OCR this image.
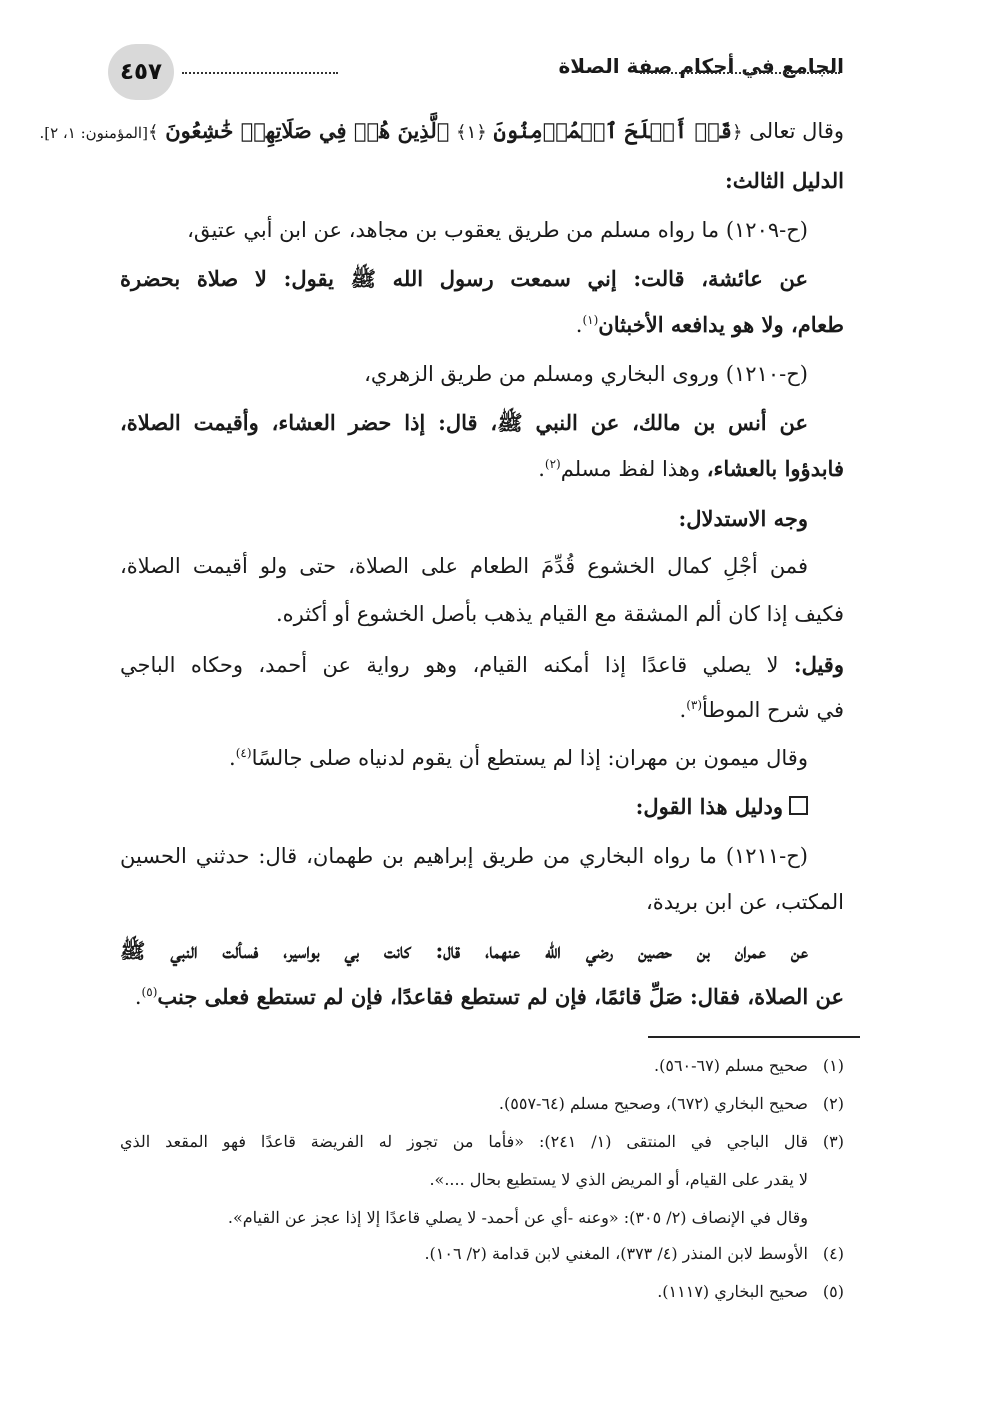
٤٥٧	الجامع في أحكام صفة الصلاة
وقال تعالى ﴿قَدۡ أَفۡلَحَ ٱلۡمُؤۡمِنُونَ ﴿١﴾ ٱلَّذِينَ هُمۡ فِي صَلَاتِهِمۡ خَٰشِعُونَ ﴾[المؤمنون: ١، ٢].
الدليل الثالث:
(ح-١٢٠٩) ما رواه مسلم من طريق يعقوب بن مجاهد، عن ابن أبي عتيق،
عن عائشة، قالت: إني سمعت رسول الله ﷺ يقول: لا صلاة بحضرة
طعام، ولا هو يدافعه الأخبثان$^{(١)}$.
(ح-١٢١٠) وروى البخاري ومسلم من طريق الزهري،
عن أنس بن مالك، عن النبي ﷺ، قال: إذا حضر العشاء، وأقيمت الصلاة،
فابدؤوا بالعشاء، وهذا لفظ مسلم$^{(٢)}$.
وجه الاستدلال:
فمن أجْلِ كمال الخشوع قُدِّمَ الطعام على الصلاة، حتى ولو أقيمت الصلاة،
فكيف إذا كان ألم المشقة مع القيام يذهب بأصل الخشوع أو أكثره.
وقيل: لا يصلي قاعدًا إذا أمكنه القيام، وهو رواية عن أحمد، وحكاه الباجي
في شرح الموطأ$^{(٣)}$.
وقال ميمون بن مهران: إذا لم يستطع أن يقوم لدنياه صلى جالسًا$^{(٤)}$.
ودليل هذا القول:
(ح-١٢١١) ما رواه البخاري من طريق إبراهيم بن طهمان، قال: حدثني الحسين
المكتب، عن ابن بريدة،
عن عمران بن حصين رضي الله عنهما، قال: كانت بي بواسير، فسألت النبي ﷺ
عن الصلاة، فقال: صَلِّ قائمًا، فإن لم تستطع فقاعدًا، فإن لم تستطع فعلى جنب$^{(٥)}$.
(١)صحيح مسلم (٦٧-٥٦٠).
(٢)صحيح البخاري (٦٧٢)، وصحيح مسلم (٦٤-٥٥٧).
(٣)قال الباجي في المنتقى (١/ ٢٤١): «فأما من تجوز له الفريضة قاعدًا فهو المقعد الذي
لا يقدر على القيام، أو المريض الذي لا يستطيع بحال ....».
وقال في الإنصاف (٢/ ٣٠٥): «وعنه -أي عن أحمد- لا يصلي قاعدًا إلا إذا عجز عن القيام».
(٤)الأوسط لابن المنذر (٤/ ٣٧٣)، المغني لابن قدامة (٢/ ١٠٦).
(٥)صحيح البخاري (١١١٧).
